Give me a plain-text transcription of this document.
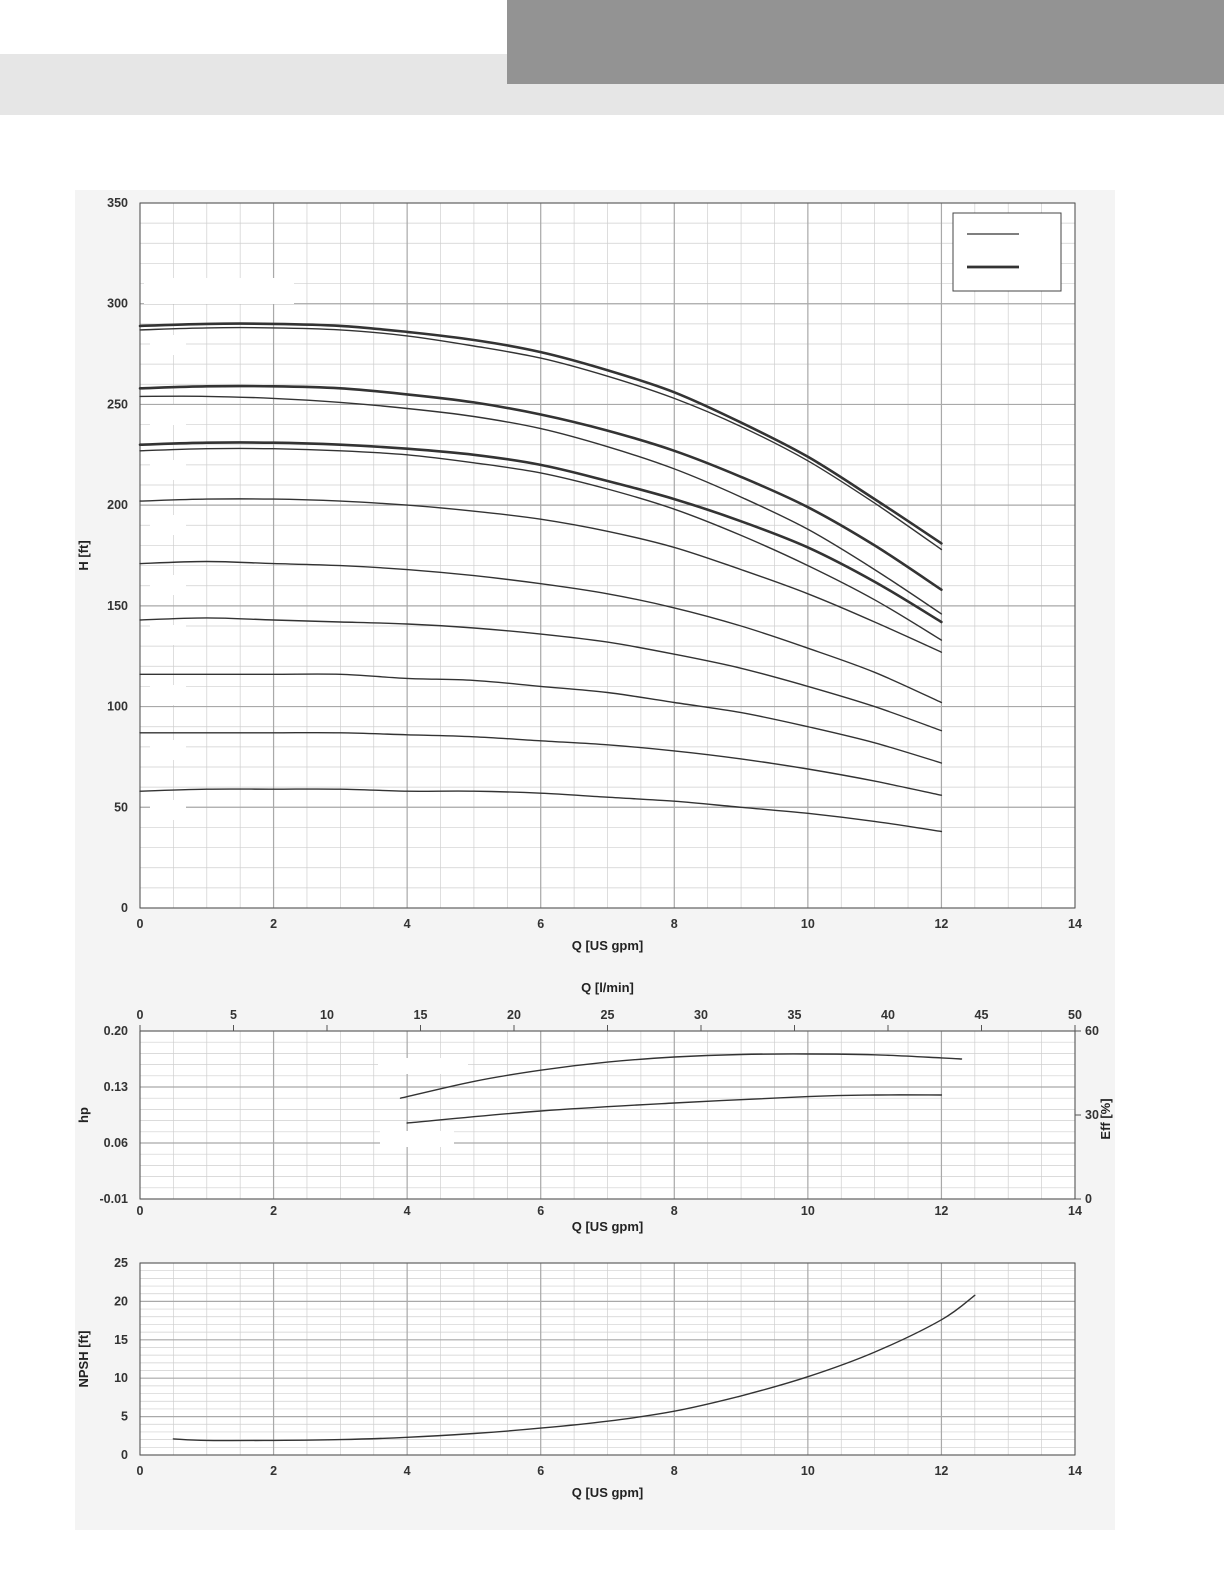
0	2	4	6	8	10	12	14
0
50
100
150
200
250
300
350
Q [US gpm]
H [ft]
0	5	10	15	20	25	30	35	40	45	50
0
30
60
0	2	4	6	8	10	12	14
-0.01
0.06
0.13
0.20
Q [US gpm]
Q [l/min]
hp	Eff [%]
0	2	4	6	8	10	12	14
0
5
10
15
20
25
Q [US gpm]
NPSH [ft]
